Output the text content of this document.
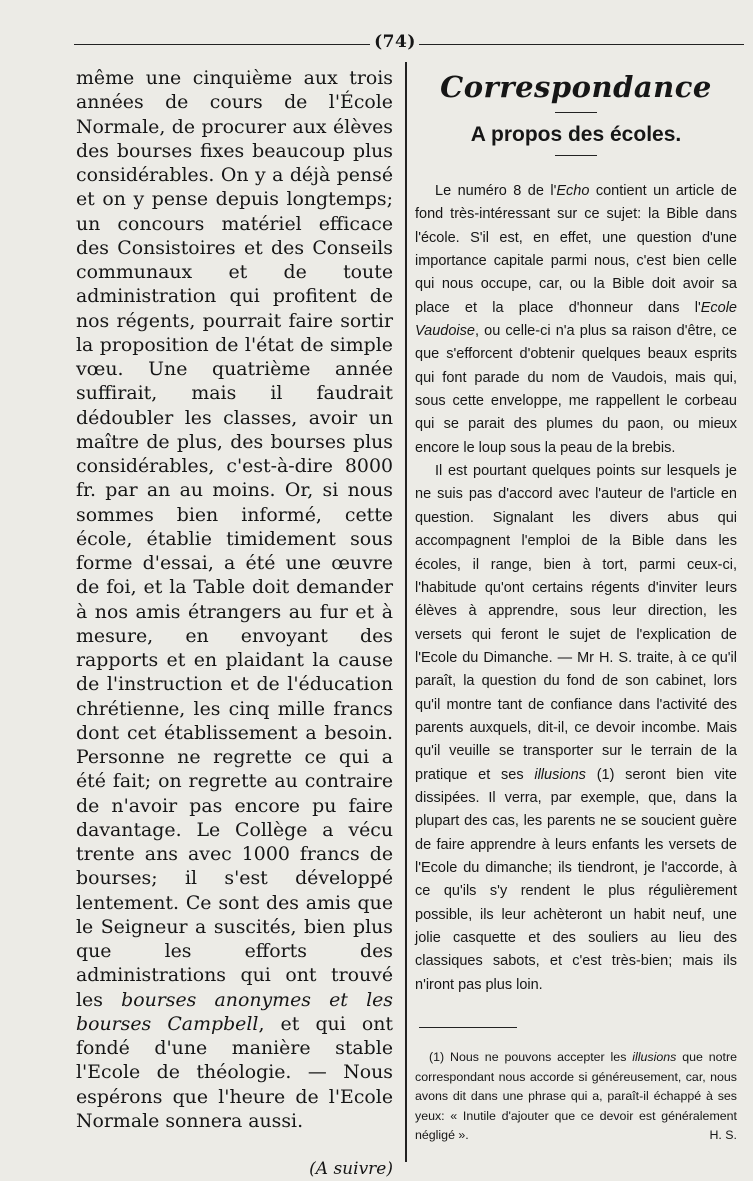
(74)

même une cinquième aux trois années de cours de l'École Normale, de procurer aux élèves des bourses fixes beaucoup plus considérables. On y a déjà pensé et on y pense depuis longtemps; un concours matériel efficace des Consistoires et des Conseils communaux et de toute administration qui profitent de nos régents, pourrait faire sortir la proposition de l'état de simple vœu. Une quatrième année suffirait, mais il faudrait dédoubler les classes, avoir un maître de plus, des bourses plus considérables, c'est-à-dire 8000 fr. par an au moins. Or, si nous sommes bien informé, cette école, établie timidement sous forme d'essai, a été une œuvre de foi, et la Table doit demander à nos amis étrangers au fur et à mesure, en envoyant des rapports et en plaidant la cause de l'instruction et de l'éducation chrétienne, les cinq mille francs dont cet établissement a besoin. Personne ne regrette ce qui a été fait; on regrette au contraire de n'avoir pas encore pu faire davantage. Le Collège a vécu trente ans avec 1000 francs de bourses; il s'est développé lentement. Ce sont des amis que le Seigneur a suscités, bien plus que les efforts des administrations qui ont trouvé les bourses anonymes et les bourses Campbell, et qui ont fondé d'une manière stable l'Ecole de théologie. — Nous espérons que l'heure de l'Ecole Normale sonnera aussi.

(A suivre)

Correspondance
A propos des écoles.

Le numéro 8 de l'Echo contient un article de fond très-intéressant sur ce sujet: la Bible dans l'école. S'il est, en effet, une question d'une importance capitale parmi nous, c'est bien celle qui nous occupe, car, ou la Bible doit avoir sa place et la place d'honneur dans l'Ecole Vaudoise, ou celle-ci n'a plus sa raison d'être, ce que s'efforcent d'obtenir quelques beaux esprits qui font parade du nom de Vaudois, mais qui, sous cette enveloppe, me rappellent le corbeau qui se parait des plumes du paon, ou mieux encore le loup sous la peau de la brebis.

Il est pourtant quelques points sur lesquels je ne suis pas d'accord avec l'auteur de l'article en question. Signalant les divers abus qui accompagnent l'emploi de la Bible dans les écoles, il range, bien à tort, parmi ceux-ci, l'habitude qu'ont certains régents d'inviter leurs élèves à apprendre, sous leur direction, les versets qui feront le sujet de l'explication de l'Ecole du Dimanche. — Mr H. S. traite, à ce qu'il paraît, la question du fond de son cabinet, lors qu'il montre tant de confiance dans l'activité des parents auxquels, dit-il, ce devoir incombe. Mais qu'il veuille se transporter sur le terrain de la pratique et ses illusions (1) seront bien vite dissipées. Il verra, par exemple, que, dans la plupart des cas, les parents ne se soucient guère de faire apprendre à leurs enfants les versets de l'Ecole du dimanche; ils tiendront, je l'accorde, à ce qu'ils s'y rendent le plus régulièrement possible, ils leur achèteront un habit neuf, une jolie casquette et des souliers au lieu des classiques sabots, et c'est très-bien; mais ils n'iront pas plus loin.

(1) Nous ne pouvons accepter les illusions que notre correspondant nous accorde si généreusement, car, nous avons dit dans une phrase qui a, paraît-il échappé à ses yeux: « Inutile d'ajouter que ce devoir est généralement négligé ».	H. S.
